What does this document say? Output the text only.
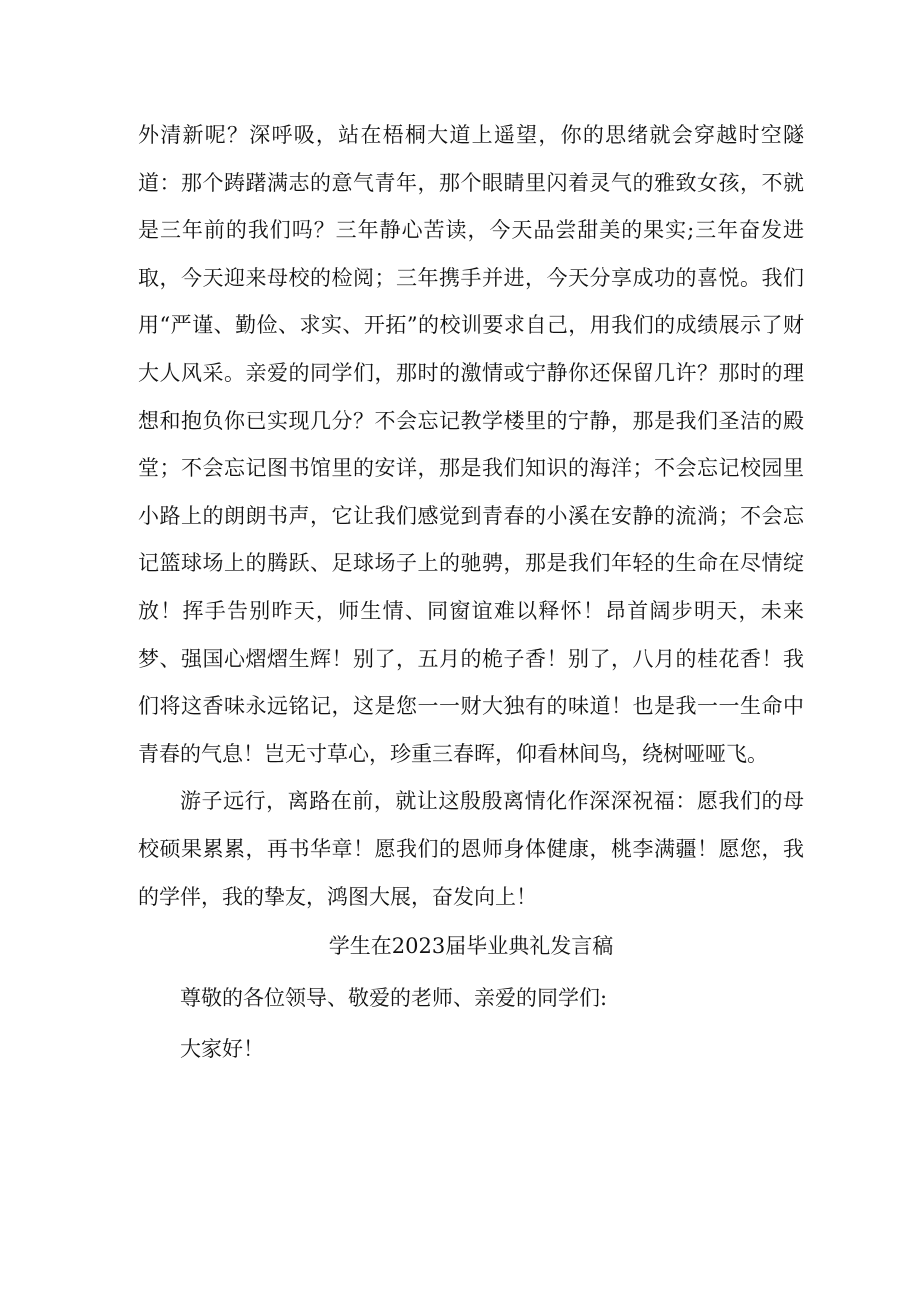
外清新呢？深呼吸，站在梧桐大道上遥望，你的思绪就会穿越时空隧道：那个踌躇满志的意气青年，那个眼睛里闪着灵气的雅致女孩，不就是三年前的我们吗？三年静心苦读，今天品尝甜美的果实;三年奋发进取，今天迎来母校的检阅；三年携手并进，今天分享成功的喜悦。我们用“严谨、勤俭、求实、开拓”的校训要求自己，用我们的成绩展示了财大人风采。亲爱的同学们，那时的激情或宁静你还保留几许？那时的理想和抱负你已实现几分？不会忘记教学楼里的宁静，那是我们圣洁的殿堂；不会忘记图书馆里的安详，那是我们知识的海洋；不会忘记校园里小路上的朗朗书声，它让我们感觉到青春的小溪在安静的流淌；不会忘记篮球场上的腾跃、足球场子上的驰骋，那是我们年轻的生命在尽情绽放！挥手告别昨天，师生情、同窗谊难以释怀！昂首阔步明天，未来梦、强国心熠熠生辉！别了，五月的桅子香！别了，八月的桂花香！我们将这香味永远铭记，这是您一一财大独有的味道！也是我一一生命中青春的气息！岂无寸草心，珍重三春晖，仰看林间鸟，绕树哑哑飞。

游子远行，离路在前，就让这殷殷离情化作深深祝福：愿我们的母校硕果累累，再书华章！愿我们的恩师身体健康，桃李满疆！愿您，我的学伴，我的挚友，鸿图大展，奋发向上！

学生在2023届毕业典礼发言稿

尊敬的各位领导、敬爱的老师、亲爱的同学们:

大家好！
